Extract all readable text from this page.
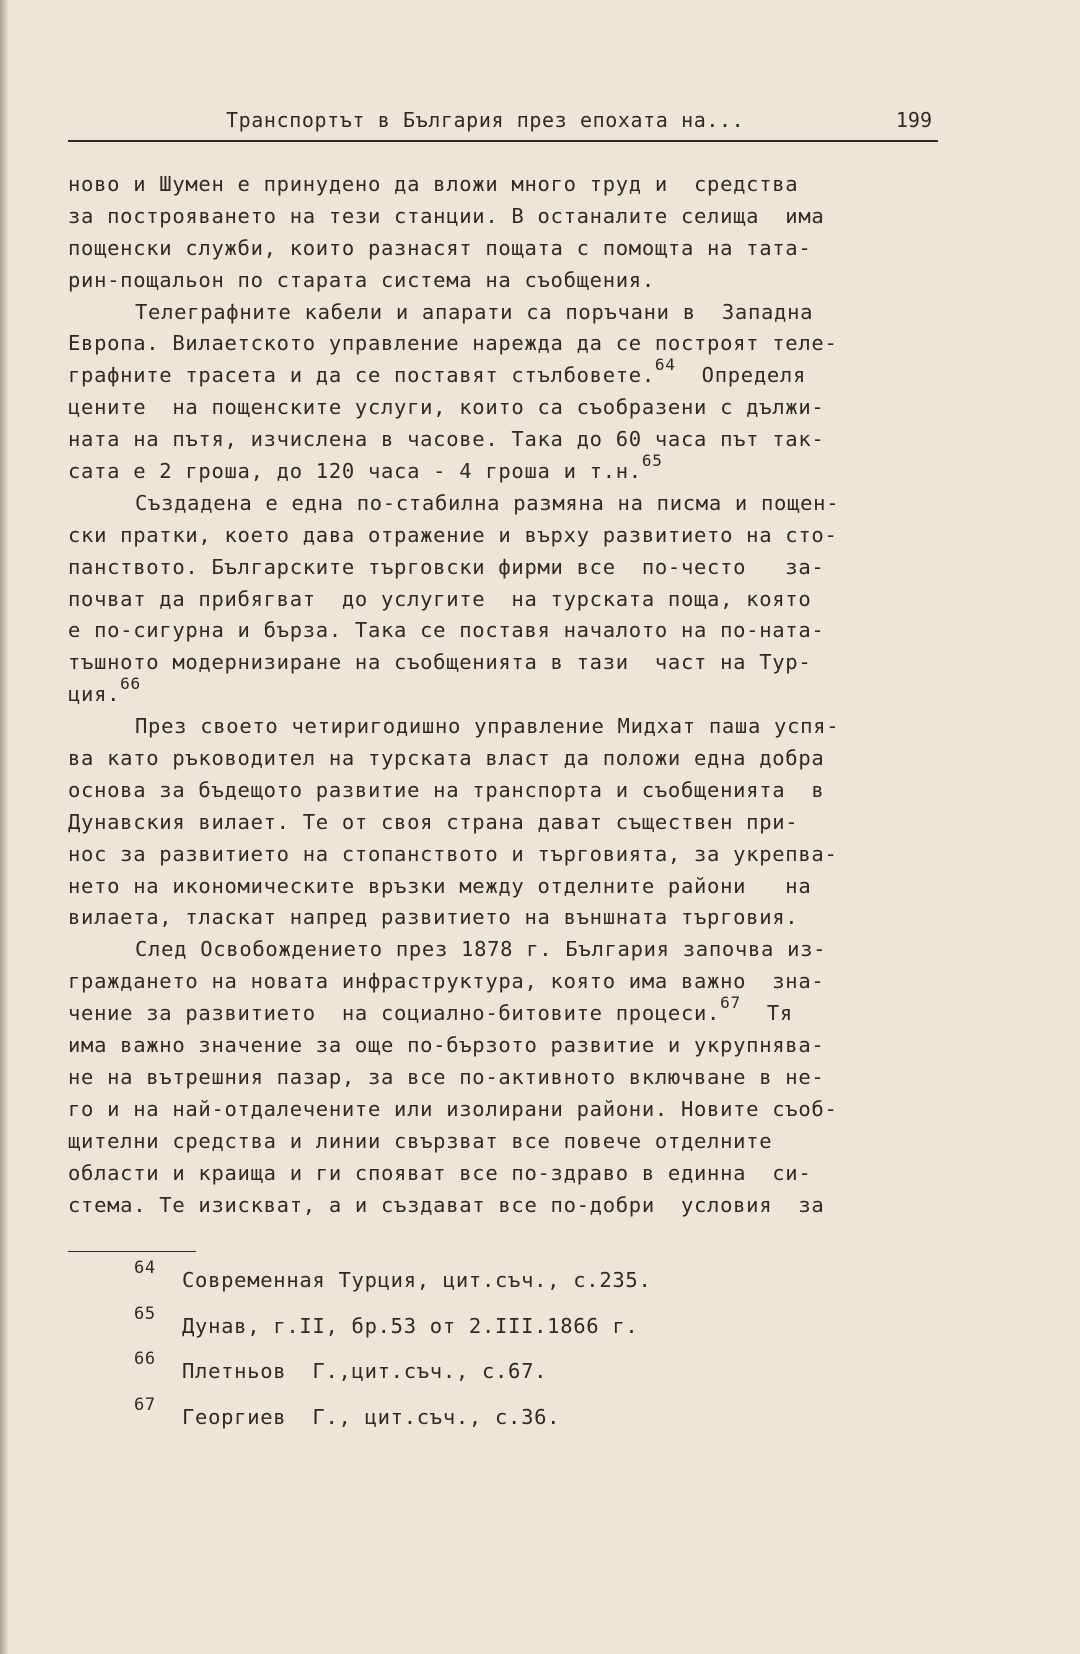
Транспортът в България през епохата на...	199
ново и Шумен е принудено да вложи много труд и  средства
за построяването на тези станции. В останалите селища  има
пощенски служби, които разнасят пощата с помощта на тата-
рин-пощальон по старата система на съобщения.
Телеграфните кабели и апарати са поръчани в  Западна
Европа. Вилаетското управление нарежда да се построят теле-
графните трасета и да се поставят стълбовете.$^{64}$  Определя
цените  на пощенските услуги, които са съобразени с дължи-
ната на пътя, изчислена в часове. Така до 60 часа път так-
сата е 2 гроша, до 120 часа - 4 гроша и т.н.$^{65}$
Създадена е една по-стабилна размяна на писма и пощен-
ски пратки, което дава отражение и върху развитието на сто-
панството. Българските търговски фирми все  по-често   за-
почват да прибягват  до услугите  на турската поща, която
е по-сигурна и бърза. Така се поставя началото на по-ната-
тъшното модернизиране на съобщенията в тази  част на Тур-
ция.$^{66}$
През своето четиригодишно управление Мидхат паша успя-
ва като ръководител на турската власт да положи една добра
основа за бъдещото развитие на транспорта и съобщенията  в
Дунавския вилает. Те от своя страна дават съществен при-
нос за развитието на стопанството и търговията, за укрепва-
нето на икономическите връзки между отделните райони   на
вилаета, тласкат напред развитието на външната търговия.
След Освобождението през 1878 г. България започва из-
граждането на новата инфраструктура, която има важно  зна-
чение за развитието  на социално-битовите процеси.$^{67}$  Тя
има важно значение за още по-бързото развитие и укрупнява-
не на вътрешния пазар, за все по-активното включване в не-
го и на най-отдалечените или изолирани райони. Новите съоб-
щителни средства и линии свързват все повече отделните
области и краища и ги спояват все по-здраво в единна  си-
стема. Те изискват, а и създават все по-добри  условия  за
64 Современная Турция, цит.съч., с.235.
65 Дунав, г.II, бр.53 от 2.III.1866 г.
66 Плетньов  Г.,цит.съч., с.67.
67 Георгиев  Г., цит.съч., с.36.
